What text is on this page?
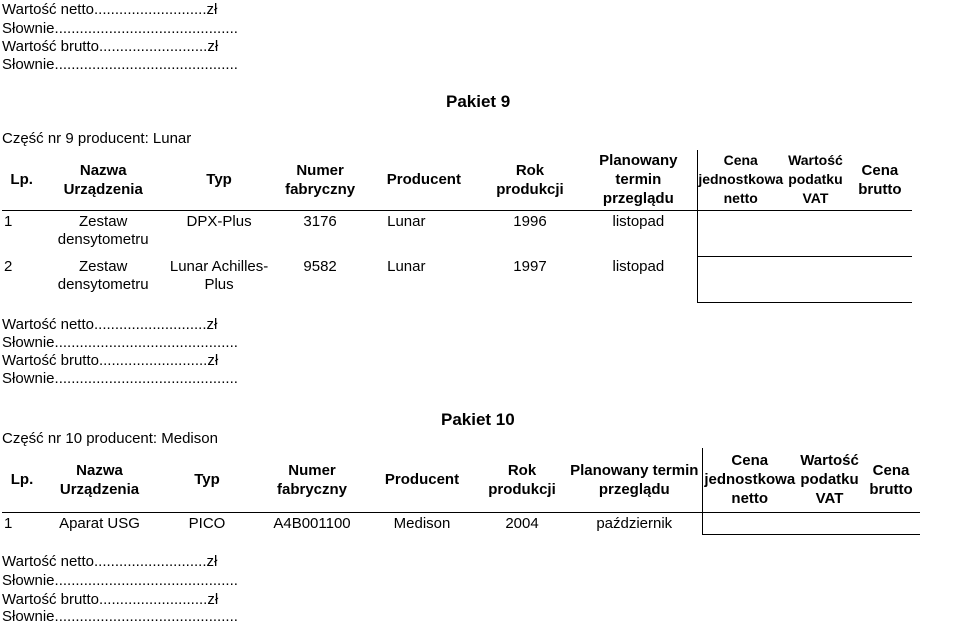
Wartość netto...........................zł
Słownie............................................
Wartość brutto..........................zł
Słownie............................................
Pakiet 9
Część nr 9 producent: Lunar
Lp.	Nazwa Urządzenia	Typ	Numer fabryczny	Producent	Rok produkcji	Planowany termin przeglądu	Cena jednostkowa netto	Wartość podatku VAT	Cena brutto
1	Zestaw densytometru	DPX-Plus	3176	Lunar	1996	listopad			
2	Zestaw densytometru	Lunar Achilles-Plus	9582	Lunar	1997	listopad			
Wartość netto...........................zł
Słownie............................................
Wartość brutto..........................zł
Słownie............................................
Pakiet 10
Część nr 10 producent: Medison
Lp.	Nazwa Urządzenia	Typ	Numer fabryczny	Producent	Rok produkcji	Planowany termin przeglądu	Cena jednostkowa netto	Wartość podatku VAT	Cena brutto
1	Aparat USG	PICO	A4B001100	Medison	2004	październik			
Wartość netto...........................zł
Słownie............................................
Wartość brutto..........................zł
Słownie............................................
